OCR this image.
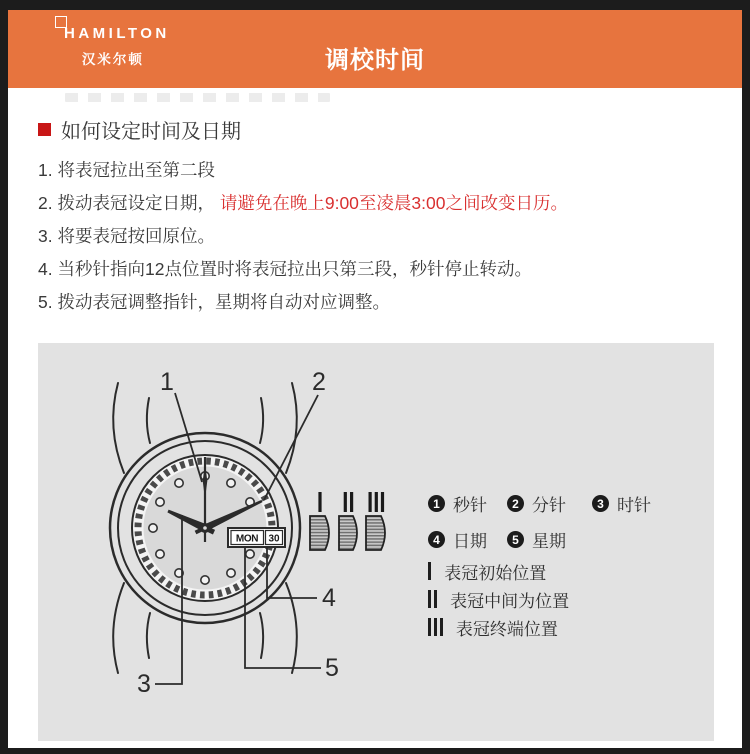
HAMILTON
汉米尔顿	调校时间
如何设定时间及日期
1. 将表冠拉出至第二段
2. 拨动表冠设定日期， 请避免在晚上9:00至凌晨3:00之间改变日历。
3. 将要表冠按回原位。
4. 当秒针指向12点位置时将表冠拉出只第三段，秒针停止转动。
5. 拨动表冠调整指针，星期将自动对应调整。
MON 30
1	2
3
4
5
1 秒针	2 分针	3 时针
4 日期	5 星期
表冠初始位置
表冠中间为位置
表冠终端位置
